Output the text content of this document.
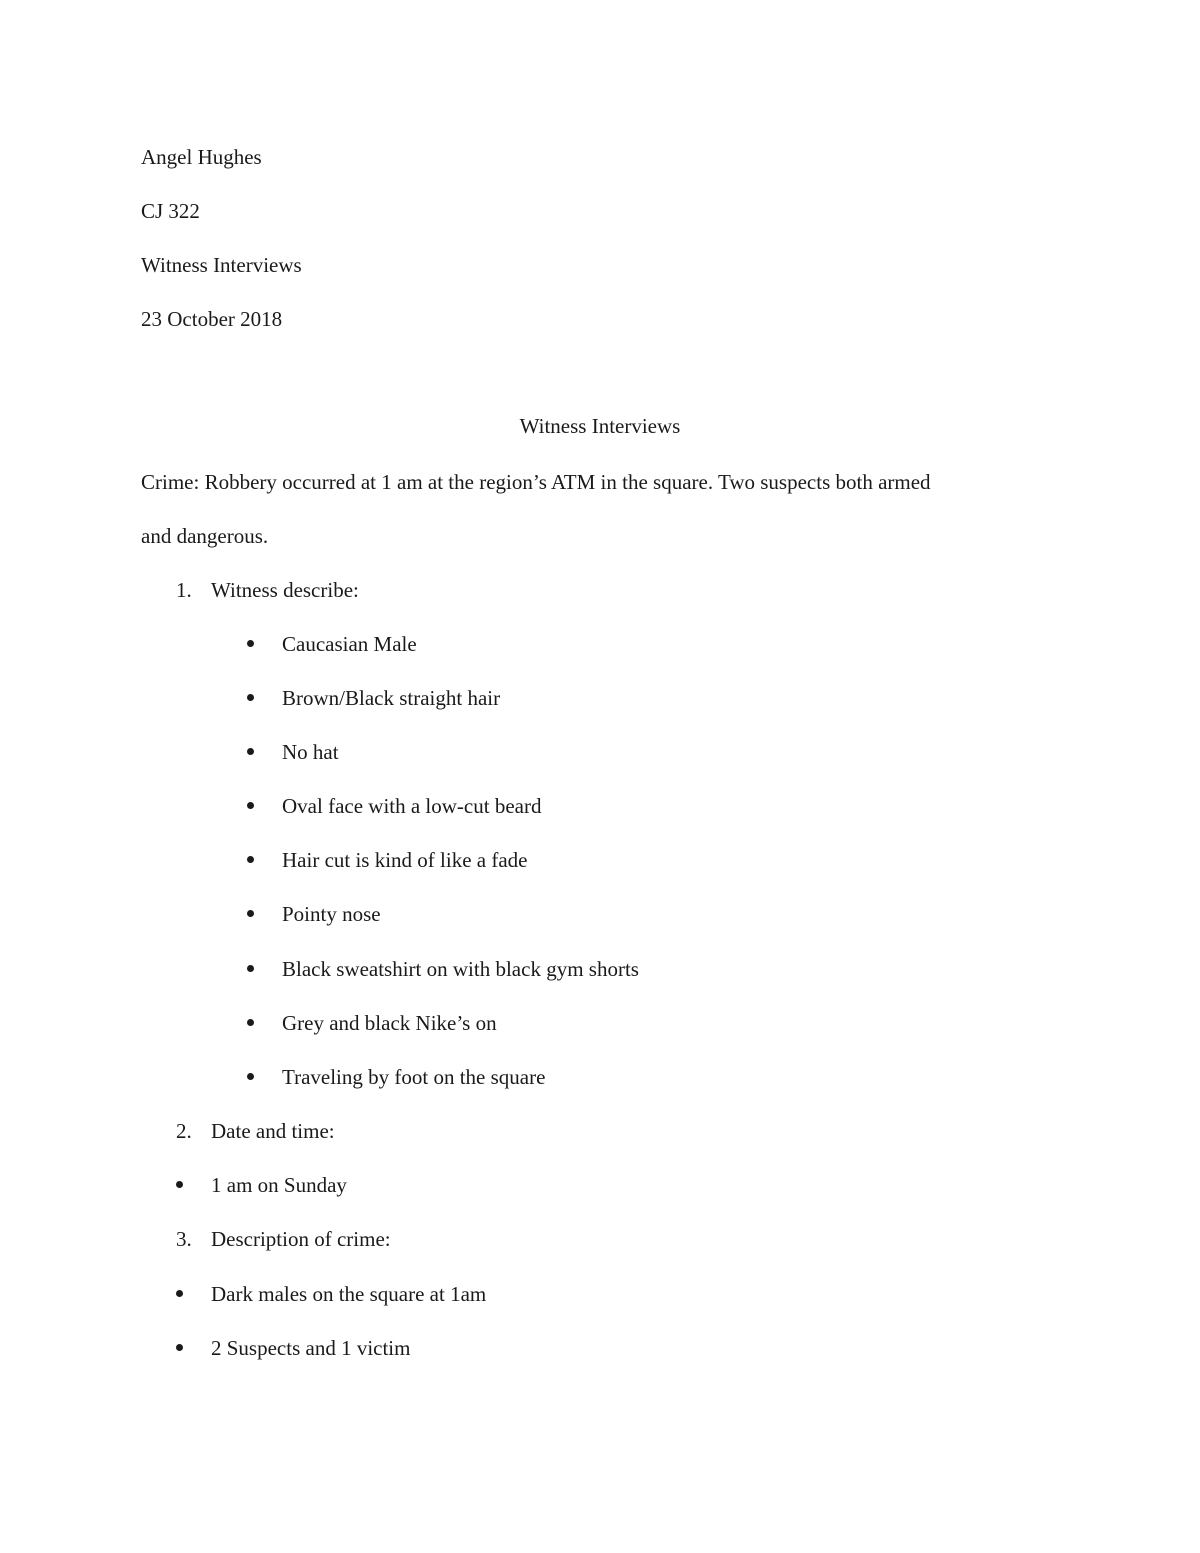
Angel Hughes
CJ 322
Witness Interviews
23 October 2018
Witness Interviews
Crime: Robbery occurred at 1 am at the region’s ATM in the square. Two suspects both armed
and dangerous.
1. Witness describe:
Caucasian Male
Brown/Black straight hair
No hat
Oval face with a low-cut beard
Hair cut is kind of like a fade
Pointy nose
Black sweatshirt on with black gym shorts
Grey and black Nike’s on
Traveling by foot on the square
2. Date and time:
1 am on Sunday
3. Description of crime:
Dark males on the square at 1am
2 Suspects and 1 victim
